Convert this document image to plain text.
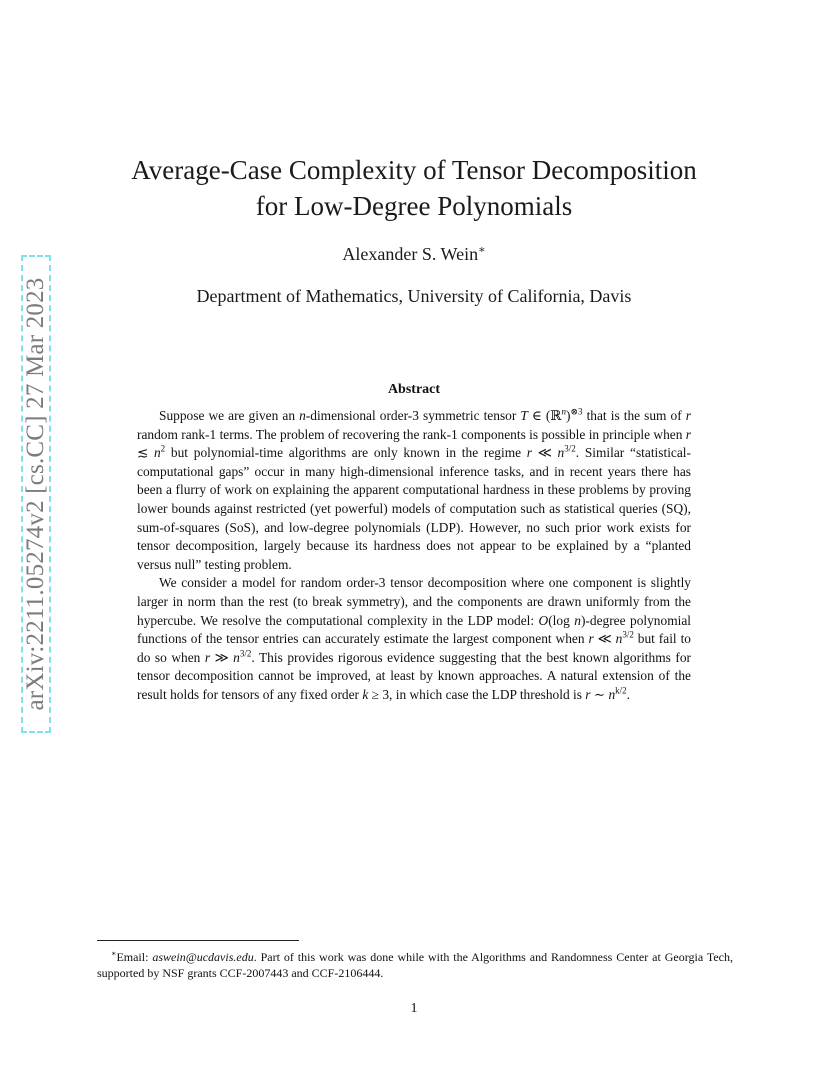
arXiv:2211.05274v2 [cs.CC] 27 Mar 2023
Average-Case Complexity of Tensor Decomposition
for Low-Degree Polynomials
Alexander S. Wein∗
Department of Mathematics, University of California, Davis
Abstract

Suppose we are given an n-dimensional order-3 symmetric tensor T ∈ (ℝ$^n$)$^{\otimes 3}$ that is the sum of r random rank-1 terms. The problem of recovering the rank-1 components is possible in principle when r ≲ $n^2$ but polynomial-time algorithms are only known in the regime r ≪ $n^{3/2}$. Similar “statistical-computational gaps” occur in many high-dimensional inference tasks, and in recent years there has been a flurry of work on explaining the apparent computational hardness in these problems by proving lower bounds against restricted (yet powerful) models of computation such as statistical queries (SQ), sum-of-squares (SoS), and low-degree polynomials (LDP). However, no such prior work exists for tensor decomposition, largely because its hardness does not appear to be explained by a “planted versus null” testing problem.

We consider a model for random order-3 tensor decomposition where one component is slightly larger in norm than the rest (to break symmetry), and the components are drawn uniformly from the hypercube. We resolve the computational complexity in the LDP model: O(log n)-degree polynomial functions of the tensor entries can accurately estimate the largest component when r ≪ $n^{3/2}$ but fail to do so when r ≫ $n^{3/2}$. This provides rigorous evidence suggesting that the best known algorithms for tensor decomposition cannot be improved, at least by known approaches. A natural extension of the result holds for tensors of any fixed order k ≥ 3, in which case the LDP threshold is r ∼ $n^{k/2}$.

∗Email: aswein@ucdavis.edu. Part of this work was done while with the Algorithms and Randomness Center at Georgia Tech, supported by NSF grants CCF-2007443 and CCF-2106444.
1
